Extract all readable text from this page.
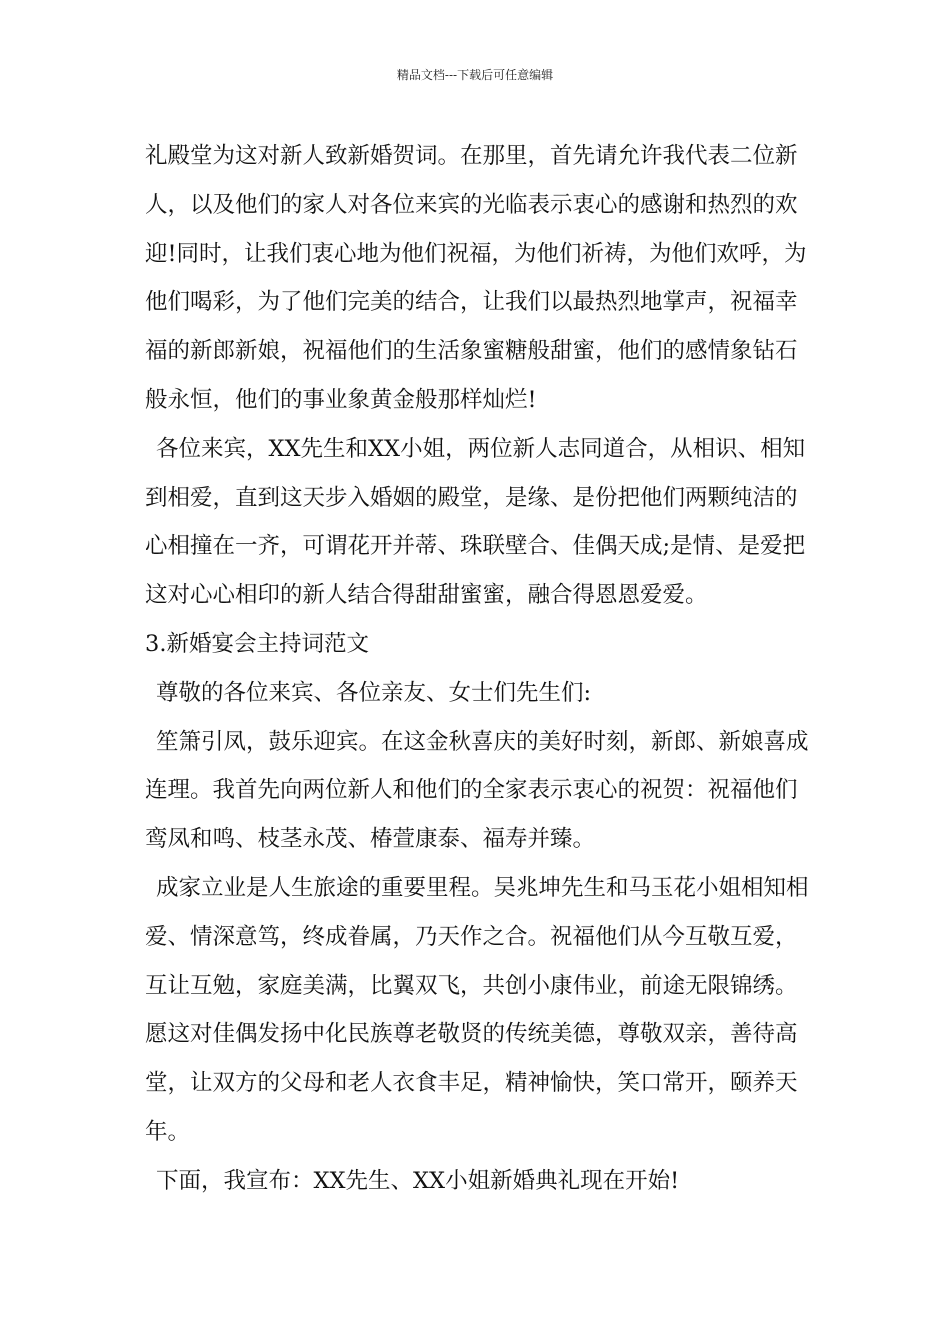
精品文档---下载后可任意编辑
礼殿堂为这对新人致新婚贺词。在那里，首先请允许我代表二位新
人，以及他们的家人对各位来宾的光临表示衷心的感谢和热烈的欢
迎!同时，让我们衷心地为他们祝福，为他们祈祷，为他们欢呼，为
他们喝彩，为了他们完美的结合，让我们以最热烈地掌声，祝福幸
福的新郎新娘，祝福他们的生活象蜜糖般甜蜜，他们的感情象钻石
般永恒，他们的事业象黄金般那样灿烂!
各位来宾，XX先生和XX小姐，两位新人志同道合，从相识、相知
到相爱，直到这天步入婚姻的殿堂，是缘、是份把他们两颗纯洁的
心相撞在一齐，可谓花开并蒂、珠联壁合、佳偶天成;是情、是爱把
这对心心相印的新人结合得甜甜蜜蜜，融合得恩恩爱爱。
3.新婚宴会主持词范文
尊敬的各位来宾、各位亲友、女士们先生们:
笙箫引凤，鼓乐迎宾。在这金秋喜庆的美好时刻，新郎、新娘喜成
连理。我首先向两位新人和他们的全家表示衷心的祝贺：祝福他们
鸾凤和鸣、枝茎永茂、椿萱康泰、福寿并臻。
成家立业是人生旅途的重要里程。吴兆坤先生和马玉花小姐相知相
爱、情深意笃，终成眷属，乃天作之合。祝福他们从今互敬互爱，
互让互勉，家庭美满，比翼双飞，共创小康伟业，前途无限锦绣。
愿这对佳偶发扬中化民族尊老敬贤的传统美德，尊敬双亲，善待高
堂，让双方的父母和老人衣食丰足，精神愉快，笑口常开，颐养天
年。
下面，我宣布：XX先生、XX小姐新婚典礼现在开始!
